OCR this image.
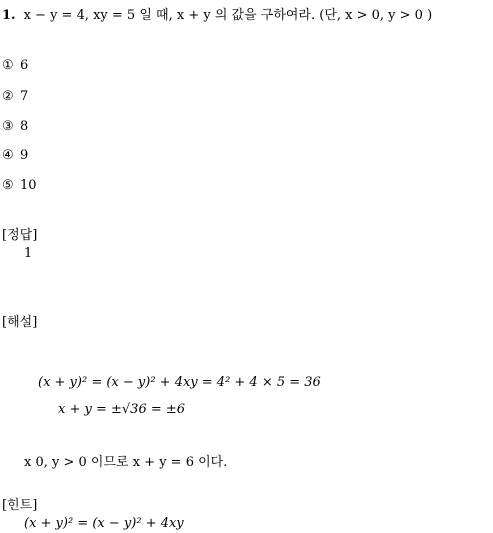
1. x − y = 4, xy = 5 일 때, x + y 의 값을 구하여라. (단, x > 0, y > 0 )
① 6
② 7
③ 8
④ 9
⑤ 10
[정답]
1
[해설]
(x + y)² = (x − y)² + 4xy = 4² + 4 × 5 = 36
x + y = ±√36 = ±6
x 0, y > 0 이므로 x + y = 6 이다.
[힌트]
(x + y)² = (x − y)² + 4xy
